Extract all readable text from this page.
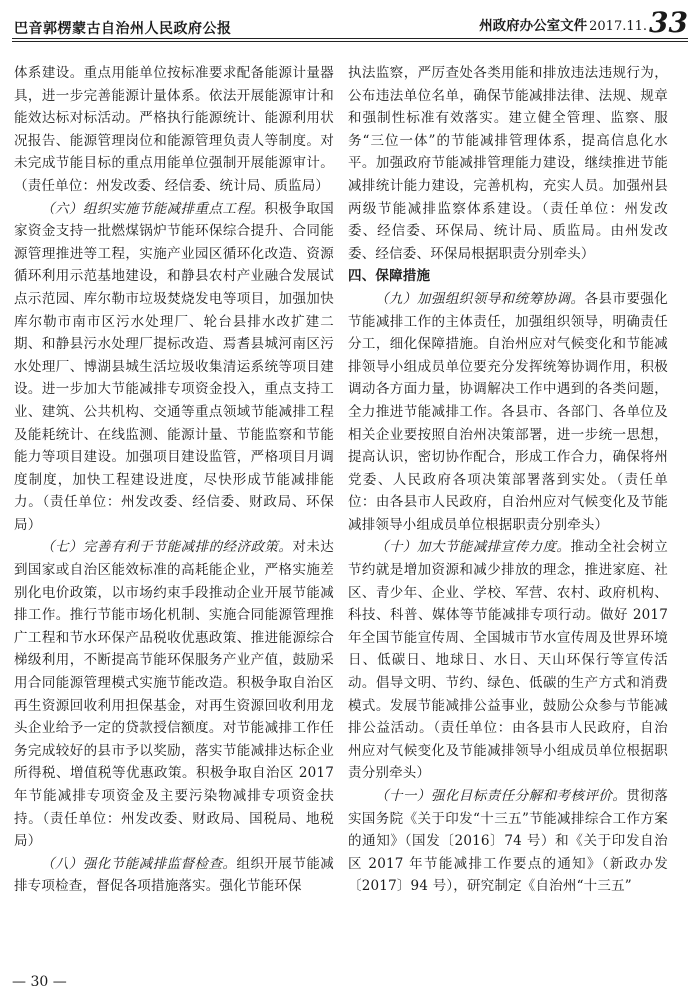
巴音郭楞蒙古自治州人民政府公报	州政府办公室文件 2017.11.33

体系建设。重点用能单位按标准要求配备能源计量器具，进一步完善能源计量体系。依法开展能源审计和能效达标对标活动。严格执行能源统计、能源利用状况报告、能源管理岗位和能源管理负责人等制度。对未完成节能目标的重点用能单位强制开展能源审计。（责任单位：州发改委、经信委、统计局、质监局）

（六）组织实施节能减排重点工程。积极争取国家资金支持一批燃煤锅炉节能环保综合提升、合同能源管理推进等工程，实施产业园区循环化改造、资源循环利用示范基地建设，和静县农村产业融合发展试点示范园、库尔勒市垃圾焚烧发电等项目，加强加快库尔勒市南市区污水处理厂、轮台县排水改扩建二期、和静县污水处理厂提标改造、焉耆县城河南区污水处理厂、博湖县城生活垃圾收集清运系统等项目建设。进一步加大节能减排专项资金投入，重点支持工业、建筑、公共机构、交通等重点领域节能减排工程及能耗统计、在线监测、能源计量、节能监察和节能能力等项目建设。加强项目建设监管，严格项目月调度制度，加快工程建设进度，尽快形成节能减排能力。（责任单位：州发改委、经信委、财政局、环保局）

（七）完善有利于节能减排的经济政策。对未达到国家或自治区能效标准的高耗能企业，严格实施差别化电价政策，以市场约束手段推动企业开展节能减排工作。推行节能市场化机制、实施合同能源管理推广工程和节水环保产品税收优惠政策、推进能源综合梯级利用，不断提高节能环保服务产业产值，鼓励采用合同能源管理模式实施节能改造。积极争取自治区再生资源回收利用担保基金，对再生资源回收利用龙头企业给予一定的贷款授信额度。对节能减排工作任务完成较好的县市予以奖励，落实节能减排达标企业所得税、增值税等优惠政策。积极争取自治区 2017 年节能减排专项资金及主要污染物减排专项资金扶持。（责任单位：州发改委、财政局、国税局、地税局）

（八）强化节能减排监督检查。组织开展节能减排专项检查，督促各项措施落实。强化节能环保

执法监察，严厉查处各类用能和排放违法违规行为，公布违法单位名单，确保节能减排法律、法规、规章和强制性标准有效落实。建立健全管理、监察、服务“三位一体”的节能减排管理体系，提高信息化水平。加强政府节能减排管理能力建设，继续推进节能减排统计能力建设，完善机构，充实人员。加强州县两级节能减排监察体系建设。（责任单位：州发改委、经信委、环保局、统计局、质监局。由州发改委、经信委、环保局根据职责分别牵头）

四、保障措施

（九）加强组织领导和统筹协调。各县市要强化节能减排工作的主体责任，加强组织领导，明确责任分工，细化保障措施。自治州应对气候变化和节能减排领导小组成员单位要充分发挥统筹协调作用，积极调动各方面力量，协调解决工作中遇到的各类问题，全力推进节能减排工作。各县市、各部门、各单位及相关企业要按照自治州决策部署，进一步统一思想，提高认识，密切协作配合，形成工作合力，确保将州党委、人民政府各项决策部署落到实处。（责任单位：由各县市人民政府，自治州应对气候变化及节能减排领导小组成员单位根据职责分别牵头）

（十）加大节能减排宣传力度。推动全社会树立节约就是增加资源和减少排放的理念，推进家庭、社区、青少年、企业、学校、军营、农村、政府机构、科技、科普、媒体等节能减排专项行动。做好 2017 年全国节能宣传周、全国城市节水宣传周及世界环境日、低碳日、地球日、水日、天山环保行等宣传活动。倡导文明、节约、绿色、低碳的生产方式和消费模式。发展节能减排公益事业，鼓励公众参与节能减排公益活动。（责任单位：由各县市人民政府，自治州应对气候变化及节能减排领导小组成员单位根据职责分别牵头）

（十一）强化目标责任分解和考核评价。贯彻落实国务院《关于印发“十三五”节能减排综合工作方案的通知》（国发〔2016〕74 号）和《关于印发自治区 2017 年节能减排工作要点的通知》（新政办发〔2017〕94 号），研究制定《自治州“十三五”

— 30 —
